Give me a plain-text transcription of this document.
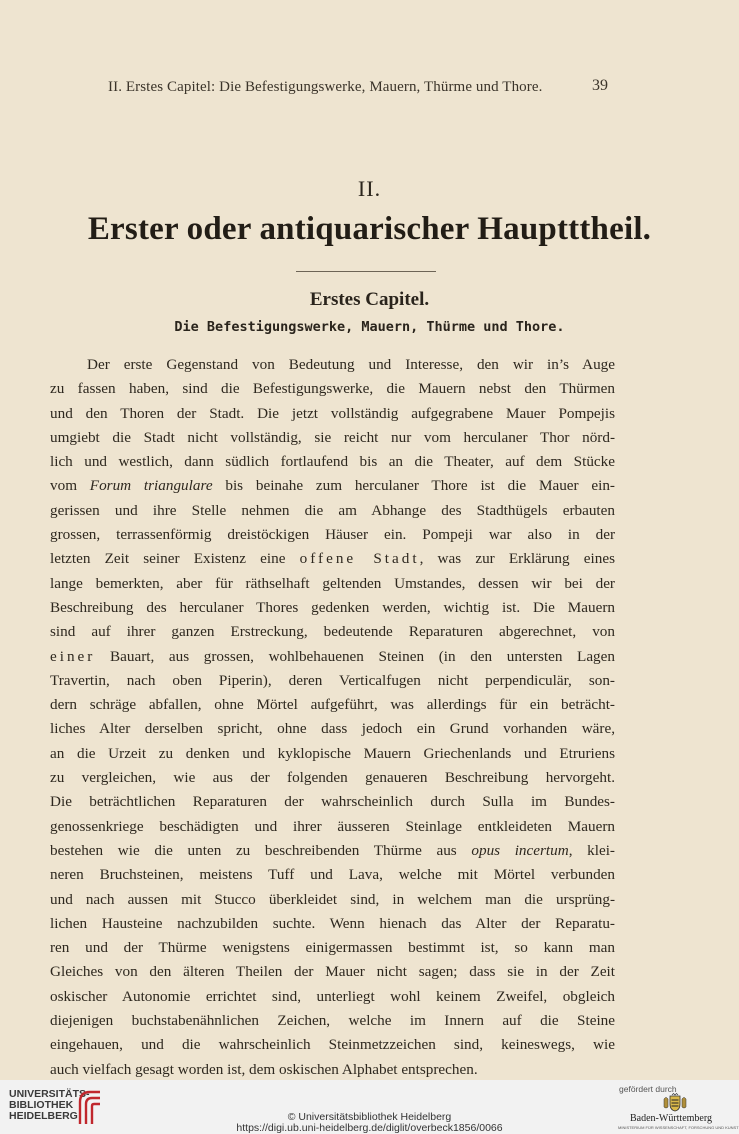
II. Erstes Capitel: Die Befestigungswerke, Mauern, Thürme und Thore.	39
II.
Erster oder antiquarischer Hauptttheil.
Erstes Capitel.
Die Befestigungswerke, Mauern, Thürme und Thore.
Der erste Gegenstand von Bedeutung und Interesse, den wir in’s Auge
zu fassen haben, sind die Befestigungswerke, die Mauern nebst den Thürmen
und den Thoren der Stadt. Die jetzt vollständig aufgegrabene Mauer Pompejis
umgiebt die Stadt nicht vollständig, sie reicht nur vom herculaner Thor nörd-
lich und westlich, dann südlich fortlaufend bis an die Theater, auf dem Stücke
vom Forum triangulare bis beinahe zum herculaner Thore ist die Mauer ein-
gerissen und ihre Stelle nehmen die am Abhange des Stadthügels erbauten
grossen, terrassenförmig dreistöckigen Häuser ein. Pompeji war also in der
letzten Zeit seiner Existenz eine offene Stadt, was zur Erklärung eines
lange bemerkten, aber für räthselhaft geltenden Umstandes, dessen wir bei der
Beschreibung des herculaner Thores gedenken werden, wichtig ist. Die Mauern
sind auf ihrer ganzen Erstreckung, bedeutende Reparaturen abgerechnet, von
einer Bauart, aus grossen, wohlbehauenen Steinen (in den untersten Lagen
Travertin, nach oben Piperin), deren Verticalfugen nicht perpendiculär, son-
dern schräge abfallen, ohne Mörtel aufgeführt, was allerdings für ein beträcht-
liches Alter derselben spricht, ohne dass jedoch ein Grund vorhanden wäre,
an die Urzeit zu denken und kyklopische Mauern Griechenlands und Etruriens
zu vergleichen, wie aus der folgenden genaueren Beschreibung hervorgeht.
Die beträchtlichen Reparaturen der wahrscheinlich durch Sulla im Bundes-
genossenkriege beschädigten und ihrer äusseren Steinlage entkleideten Mauern
bestehen wie die unten zu beschreibenden Thürme aus opus incertum, klei-
neren Bruchsteinen, meistens Tuff und Lava, welche mit Mörtel verbunden
und nach aussen mit Stucco überkleidet sind, in welchem man die ursprüng-
lichen Hausteine nachzubilden suchte. Wenn hienach das Alter der Reparatu-
ren und der Thürme wenigstens einigermassen bestimmt ist, so kann man
Gleiches von den älteren Theilen der Mauer nicht sagen; dass sie in der Zeit
oskischer Autonomie errichtet sind, unterliegt wohl keinem Zweifel, obgleich
diejenigen buchstabenähnlichen Zeichen, welche im Innern auf die Steine
eingehauen, und die wahrscheinlich Steinmetzzeichen sind, keineswegs, wie
auch vielfach gesagt worden ist, dem oskischen Alphabet entsprechen.
UNIVERSITÄTS-
BIBLIOTHEK
HEIDELBERG	© Universitätsbibliothek Heidelberg
https://digi.ub.uni-heidelberg.de/diglit/overbeck1856/0066
gefördert durch
Baden-Württemberg
MINISTERIUM FÜR WISSENSCHAFT, FORSCHUNG UND KUNST
